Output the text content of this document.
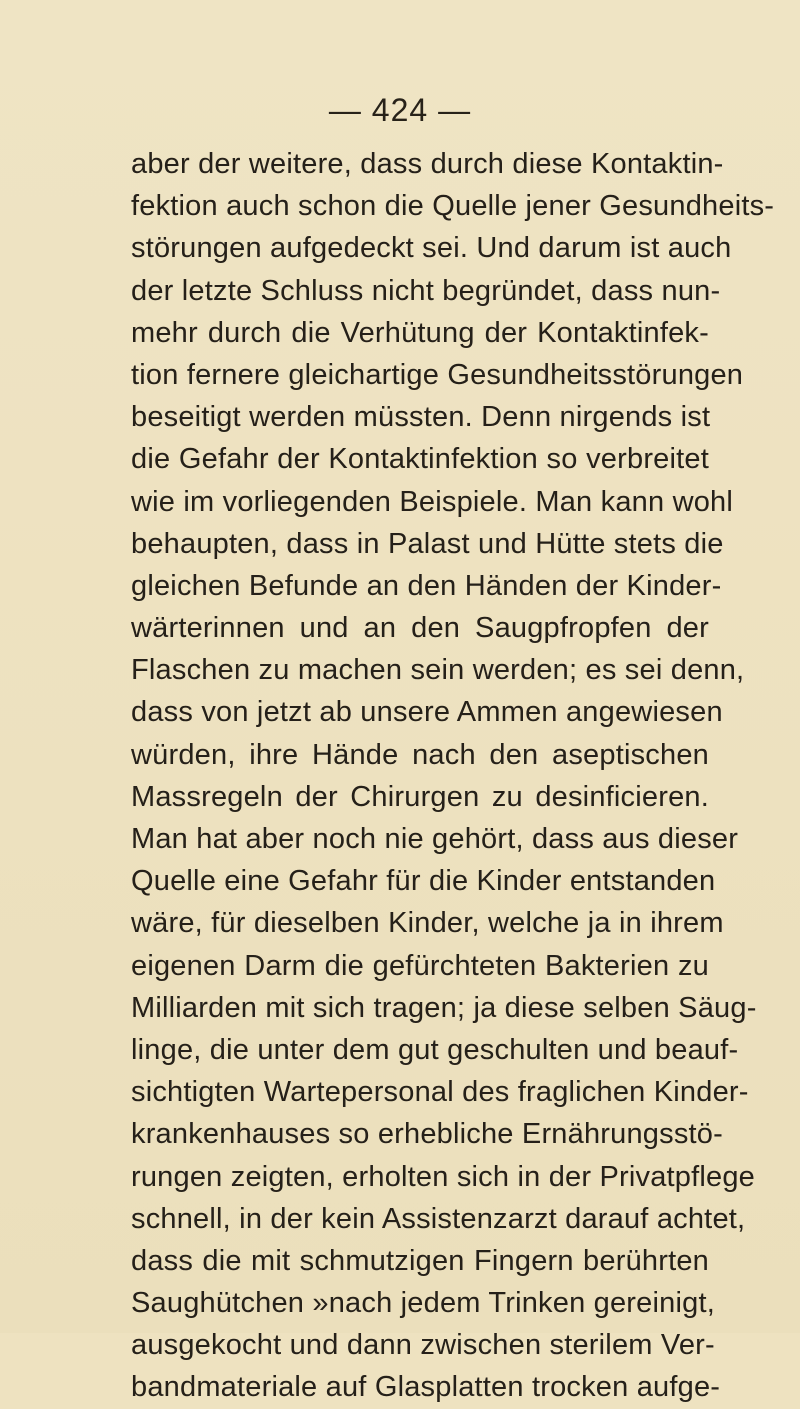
— 424 —
aber der weitere, dass durch diese Kontaktin-
fektion auch schon die Quelle jener Gesundheits-
störungen aufgedeckt sei. Und darum ist auch
der letzte Schluss nicht begründet, dass nun-
mehr durch die Verhütung der Kontaktinfek-
tion fernere gleichartige Gesundheitsstörungen
beseitigt werden müssten. Denn nirgends ist
die Gefahr der Kontaktinfektion so verbreitet
wie im vorliegenden Beispiele. Man kann wohl
behaupten, dass in Palast und Hütte stets die
gleichen Befunde an den Händen der Kinder-
wärterinnen und an den Saugpfropfen der
Flaschen zu machen sein werden; es sei denn,
dass von jetzt ab unsere Ammen angewiesen
würden, ihre Hände nach den aseptischen
Massregeln der Chirurgen zu desinficieren.
Man hat aber noch nie gehört, dass aus dieser
Quelle eine Gefahr für die Kinder entstanden
wäre, für dieselben Kinder, welche ja in ihrem
eigenen Darm die gefürchteten Bakterien zu
Milliarden mit sich tragen; ja diese selben Säug-
linge, die unter dem gut geschulten und beauf-
sichtigten Wartepersonal des fraglichen Kinder-
krankenhauses so erhebliche Ernährungsstö-
rungen zeigten, erholten sich in der Privatpflege
schnell, in der kein Assistenzarzt darauf achtet,
dass die mit schmutzigen Fingern berührten
Saughütchen »nach jedem Trinken gereinigt,
ausgekocht und dann zwischen sterilem Ver-
bandmateriale auf Glasplatten trocken aufge-
